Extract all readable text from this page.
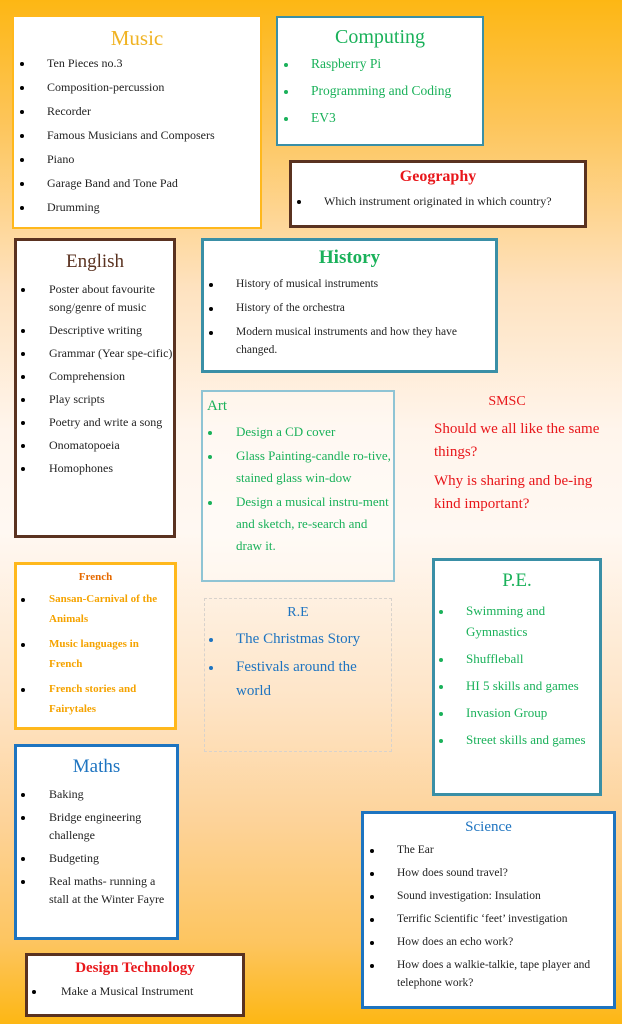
Music
Ten Pieces no.3
Composition-percussion
Recorder
Famous Musicians and Composers
Piano
Garage Band and Tone Pad
Drumming
Computing
Raspberry Pi
Programming and Coding
EV3
Geography
Which instrument originated in which country?
English
Poster about favourite song/genre of music
Descriptive writing
Grammar (Year spe-cific)
Comprehension
Play scripts
Poetry and write a song
Onomatopoeia
Homophones
History
History of musical instruments
History of the orchestra
Modern musical instruments and how they have changed.
Art
Design a CD cover
Glass Painting-candle ro-tive, stained glass win-dow
Design a musical instru-ment and sketch, re-search and draw it.
SMSC

Should we all like the same things?

Why is sharing and be-ing kind important?

French
Sansan-Carnival of the Animals
Music languages in French
French stories and Fairytales
R.E
The Christmas Story
Festivals around the world
P.E.
Swimming and Gymnastics
Shuffleball
HI 5 skills and games
Invasion Group
Street skills and games
Maths
Baking
Bridge engineering challenge
Budgeting
Real maths- running a stall at the Winter Fayre
Science
The Ear
How does sound travel?
Sound investigation: Insulation
Terrific Scientific ‘feet’ investigation
How does an echo work?
How does a walkie-talkie, tape player and telephone work?
Design Technology
Make a Musical Instrument
